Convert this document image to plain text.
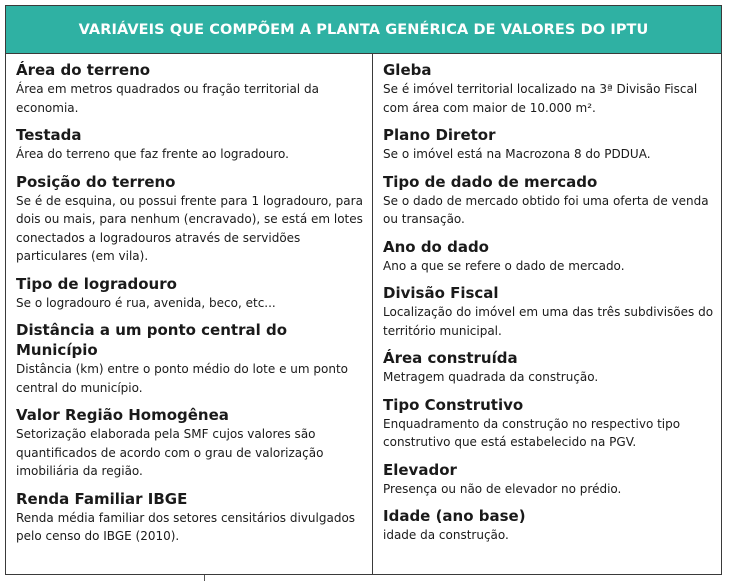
VARIÁVEIS QUE COMPÕEM A PLANTA GENÉRICA DE VALORES DO IPTU

Área do terreno

Área em metros quadrados ou fração territorial da economia.

Testada

Área do terreno que faz frente ao logradouro.

Posição do terreno

Se é de esquina, ou possui frente para 1 logradouro, para dois ou mais, para nenhum (encravado), se está em lotes conectados a logradouros através de servidões particulares (em vila).

Tipo de logradouro

Se o logradouro é rua, avenida, beco, etc...

Distância a um ponto central do Município

Distância (km) entre o ponto médio do lote e um ponto central do município.

Valor Região Homogênea

Setorização elaborada pela SMF cujos valores são quantificados de acordo com o grau de valorização imobiliária da região.

Renda Familiar IBGE

Renda média familiar dos setores censitários divulgados pelo censo do IBGE (2010).

Gleba

Se é imóvel territorial localizado na 3ª Divisão Fiscal com área com maior de 10.000 m².

Plano Diretor

Se o imóvel está na Macrozona 8 do PDDUA.

Tipo de dado de mercado

Se o dado de mercado obtido foi uma oferta de venda ou transação.

Ano do dado

Ano a que se refere o dado de mercado.

Divisão Fiscal

Localização do imóvel em uma das três subdivisões do território municipal.

Área construída

Metragem quadrada da construção.

Tipo Construtivo

Enquadramento da construção no respectivo tipo construtivo que está estabelecido na PGV.

Elevador

Presença ou não de elevador no prédio.

Idade (ano base)

idade da construção.
